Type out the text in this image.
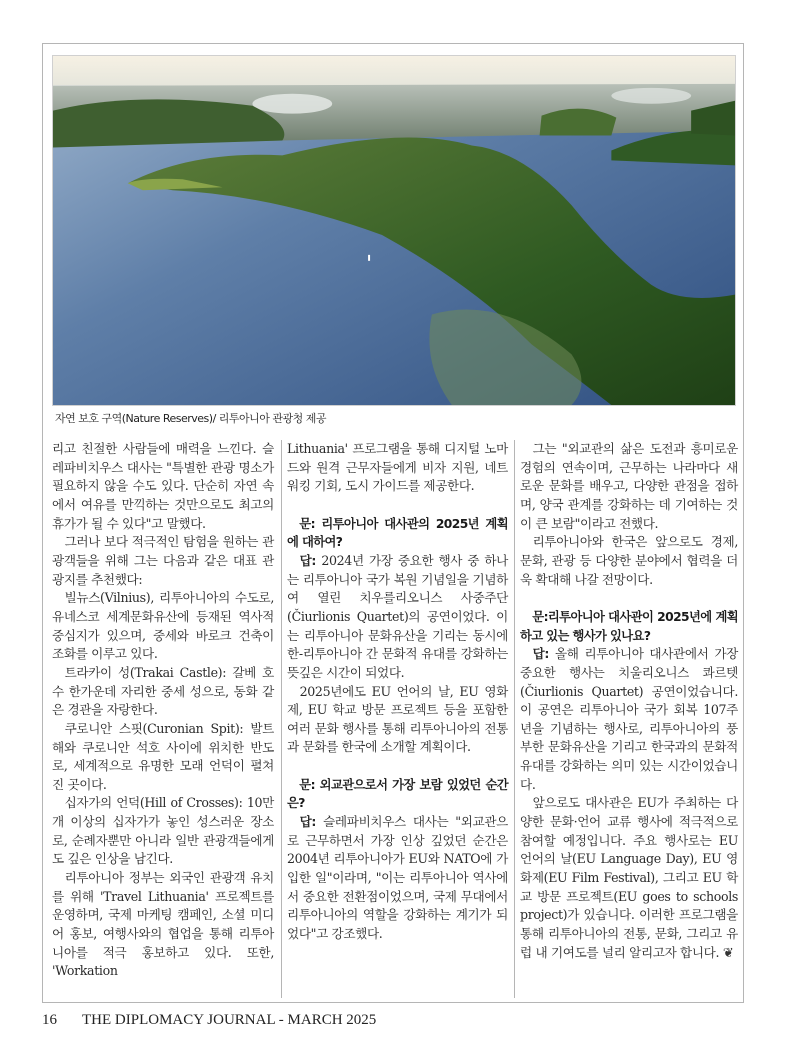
자연 보호 구역(Nature Reserves)/ 리투아니아 관광청 제공

리고 친절한 사람들에 매력을 느낀다. 슬레파비치우스 대사는 "특별한 관광 명소가 필요하지 않을 수도 있다. 단순히 자연 속에서 여유를 만끽하는 것만으로도 최고의 휴가가 될 수 있다"고 말했다.

그러나 보다 적극적인 탐험을 원하는 관광객들을 위해 그는 다음과 같은 대표 관광지를 추천했다:

빌뉴스(Vilnius), 리투아니아의 수도로, 유네스코 세계문화유산에 등재된 역사적 중심지가 있으며, 중세와 바로크 건축이 조화를 이루고 있다.

트라카이 성(Trakai Castle): 갈베 호수 한가운데 자리한 중세 성으로, 동화 같은 경관을 자랑한다.

쿠로니안 스핏(Curonian Spit): 발트해와 쿠로니안 석호 사이에 위치한 반도로, 세계적으로 유명한 모래 언덕이 펼쳐진 곳이다.

십자가의 언덕(Hill of Crosses): 10만 개 이상의 십자가가 놓인 성스러운 장소로, 순례자뿐만 아니라 일반 관광객들에게도 깊은 인상을 남긴다.

리투아니아 정부는 외국인 관광객 유치를 위해 'Travel Lithuania' 프로젝트를 운영하며, 국제 마케팅 캠페인, 소셜 미디어 홍보, 여행사와의 협업을 통해 리투아니아를 적극 홍보하고 있다. 또한, 'Workation

Lithuania' 프로그램을 통해 디지털 노마드와 원격 근무자들에게 비자 지원, 네트워킹 기회, 도시 가이드를 제공한다.

문: 리투아니아 대사관의 2025년 계획에 대하여?

답: 2024년 가장 중요한 행사 중 하나는 리투아니아 국가 복원 기념일을 기념하여 열린 치우를리오니스 사중주단(Čiurlionis Quartet)의 공연이었다. 이는 리투아니아 문화유산을 기리는 동시에 한-리투아니아 간 문화적 유대를 강화하는 뜻깊은 시간이 되었다.

2025년에도 EU 언어의 날, EU 영화제, EU 학교 방문 프로젝트 등을 포함한 여러 문화 행사를 통해 리투아니아의 전통과 문화를 한국에 소개할 계획이다.

문: 외교관으로서 가장 보람 있었던 순간은?

답: 슬레파비치우스 대사는 "외교관으로 근무하면서 가장 인상 깊었던 순간은 2004년 리투아니아가 EU와 NATO에 가입한 일"이라며, "이는 리투아니아 역사에서 중요한 전환점이었으며, 국제 무대에서 리투아니아의 역할을 강화하는 계기가 되었다"고 강조했다.

그는 "외교관의 삶은 도전과 흥미로운 경험의 연속이며, 근무하는 나라마다 새로운 문화를 배우고, 다양한 관점을 접하며, 양국 관계를 강화하는 데 기여하는 것이 큰 보람"이라고 전했다.

리투아니아와 한국은 앞으로도 경제, 문화, 관광 등 다양한 분야에서 협력을 더욱 확대해 나갈 전망이다.

문:리투아니아 대사관이 2025년에 계획하고 있는 행사가 있나요?

답: 올해 리투아니아 대사관에서 가장 중요한 행사는 치울리오니스 콰르텟(Čiurlionis Quartet) 공연이었습니다. 이 공연은 리투아니아 국가 회복 107주년을 기념하는 행사로, 리투아니아의 풍부한 문화유산을 기리고 한국과의 문화적 유대를 강화하는 의미 있는 시간이었습니다.

앞으로도 대사관은 EU가 주최하는 다양한 문화·언어 교류 행사에 적극적으로 참여할 예정입니다. 주요 행사로는 EU 언어의 날(EU Language Day), EU 영화제(EU Film Festival), 그리고 EU 학교 방문 프로젝트(EU goes to schools project)가 있습니다. 이러한 프로그램을 통해 리투아니아의 전통, 문화, 그리고 유럽 내 기여도를 널리 알리고자 합니다. ❦

16 THE DIPLOMACY JOURNAL - MARCH 2025
